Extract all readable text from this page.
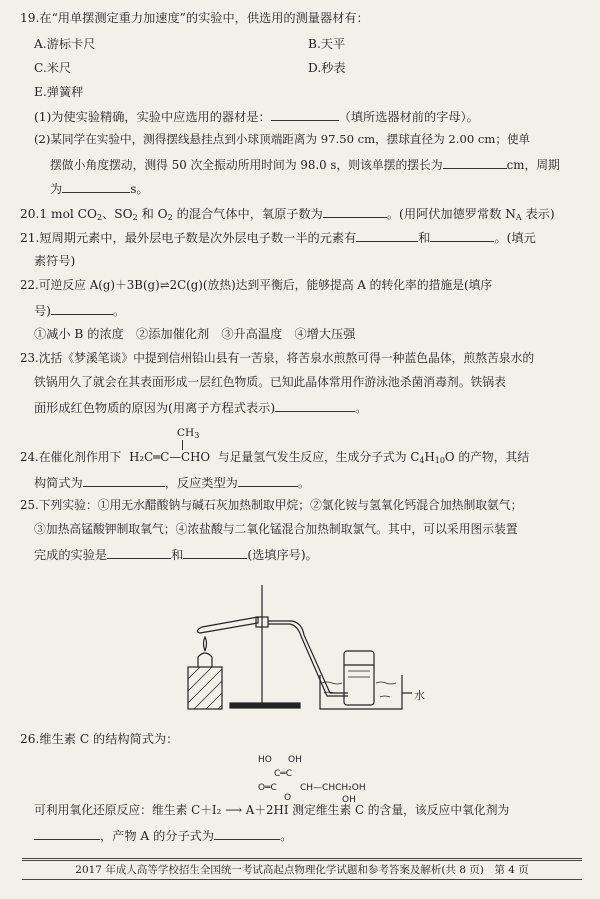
19.在“用单摆测定重力加速度”的实验中，供选用的测量器材有：
A.游标卡尺	B.天平
C.米尺	D.秒表
E.弹簧秤
(1)为使实验精确，实验中应选用的器材是：	（填所选器材前的字母）。
(2)某同学在实验中，测得摆线悬挂点到小球顶端距离为 97.50 cm，摆球直径为 2.00 cm；使单
摆做小角度摆动，测得 50 次全振动所用时间为 98.0 s，则该单摆的摆长为	cm，周期
为	s。
20.1 mol $CO_2$、$SO_2$ 和 $O_2$ 的混合气体中，氧原子数为	。(用阿伏加德罗常数 $N_A$ 表示)
21.短周期元素中，最外层电子数是次外层电子数一半的元素有	和	。(填元
素符号)
22.可逆反应 A(g)＋3B(g)⇌2C(g)(放热)达到平衡后，能够提高 A 的转化率的措施是(填序
号)	。
①减小 B 的浓度　②添加催化剂　③升高温度　④增大压强
23.沈括《梦溪笔谈》中提到信州铅山县有一苦泉，将苦泉水煎熬可得一种蓝色晶体，煎熬苦泉水的
铁锅用久了就会在其表面形成一层红色物质。已知此晶体常用作游泳池杀菌消毒剂。铁锅表
面形成红色物质的原因为(用离子方程式表示)	。
$CH_3$
24.在催化剂作用下 H₂C═C—CHO 与足量氢气发生反应，生成分子式为 $C_4H_{10}O$ 的产物，其结
构简式为	，反应类型为	。
25.下列实验：①用无水醋酸钠与碱石灰加热制取甲烷；②氯化铵与氢氧化钙混合加热制取氨气；
③加热高锰酸钾制取氧气；④浓盐酸与二氧化锰混合加热制取氯气。其中，可以采用图示装置
完成的实验是	和	(选填序号)。
水
26.维生素 C 的结构简式为：
HO OH
C═C
O═C	CH—CHCH₂OH
O	OH
可利用氧化还原反应：维生素 C＋I₂ ⟶ A＋2HI 测定维生素 C 的含量，该反应中氧化剂为
，产物 A 的分子式为	。
2017 年成人高等学校招生全国统一考试高起点物理化学试题和参考答案及解析(共 8 页)　第 4 页
